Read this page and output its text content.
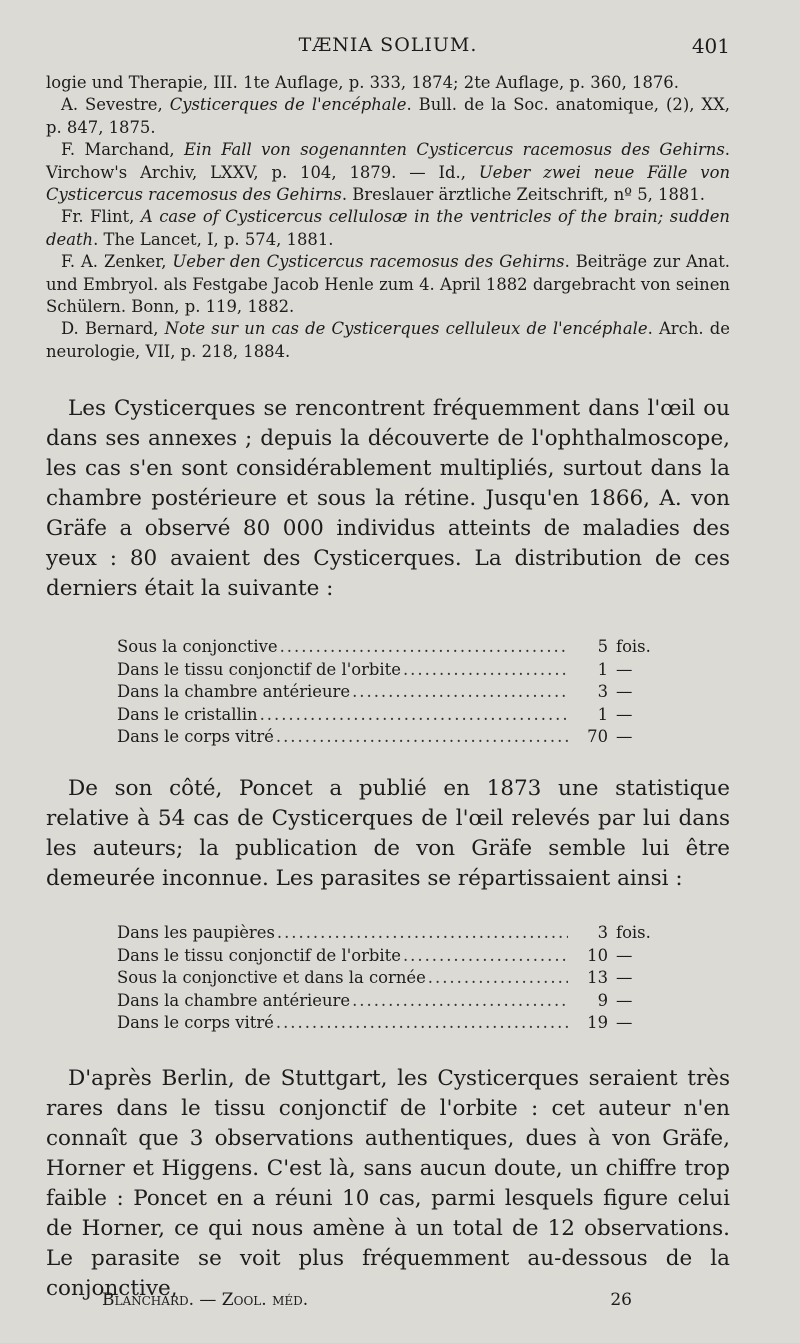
TÆNIA SOLIUM.	401

logie und Therapie, III. 1te Auflage, p. 333, 1874; 2te Auflage, p. 360, 1876.

A. Sevestre, Cysticerques de l'encéphale. Bull. de la Soc. anatomique, (2), XX, p. 847, 1875.

F. Marchand, Ein Fall von sogenannten Cysticercus racemosus des Gehirns. Virchow's Archiv, LXXV, p. 104, 1879. — Id., Ueber zwei neue Fälle von Cysticercus racemosus des Gehirns. Breslauer ärztliche Zeitschrift, nº 5, 1881.

Fr. Flint, A case of Cysticercus cellulosæ in the ventricles of the brain; sudden death. The Lancet, I, p. 574, 1881.

F. A. Zenker, Ueber den Cysticercus racemosus des Gehirns. Beiträge zur Anat. und Embryol. als Festgabe Jacob Henle zum 4. April 1882 dargebracht von seinen Schülern. Bonn, p. 119, 1882.

D. Bernard, Note sur un cas de Cysticerques celluleux de l'encéphale. Arch. de neurologie, VII, p. 218, 1884.

Les Cysticerques se rencontrent fréquemment dans l'œil ou dans ses annexes ; depuis la découverte de l'ophthalmoscope, les cas s'en sont considérablement multipliés, surtout dans la chambre postérieure et sous la rétine. Jusqu'en 1866, A. von Gräfe a observé 80 000 individus atteints de maladies des yeux : 80 avaient des Cysticerques. La distribution de ces derniers était la suivante :

Sous la conjonctive .....	5 fois.
Dans le tissu conjonctif de l'orbite .....	1 —
Dans la chambre antérieure .....	3 —
Dans le cristallin .....	1 —
Dans le corps vitré .....	70 —

De son côté, Poncet a publié en 1873 une statistique relative à 54 cas de Cysticerques de l'œil relevés par lui dans les auteurs; la publication de von Gräfe semble lui être demeurée inconnue. Les parasites se répartissaient ainsi :

Dans les paupières .....	3 fois.
Dans le tissu conjonctif de l'orbite .....	10 —
Sous la conjonctive et dans la cornée .....	13 —
Dans la chambre antérieure .....	9 —
Dans le corps vitré .....	19 —

D'après Berlin, de Stuttgart, les Cysticerques seraient très rares dans le tissu conjonctif de l'orbite : cet auteur n'en connaît que 3 observations authentiques, dues à von Gräfe, Horner et Higgens. C'est là, sans aucun doute, un chiffre trop faible : Poncet en a réuni 10 cas, parmi lesquels figure celui de Horner, ce qui nous amène à un total de 12 observations. Le parasite se voit plus fréquemment au-dessous de la conjonctive,

Blanchard. — Zool. méd.	26
